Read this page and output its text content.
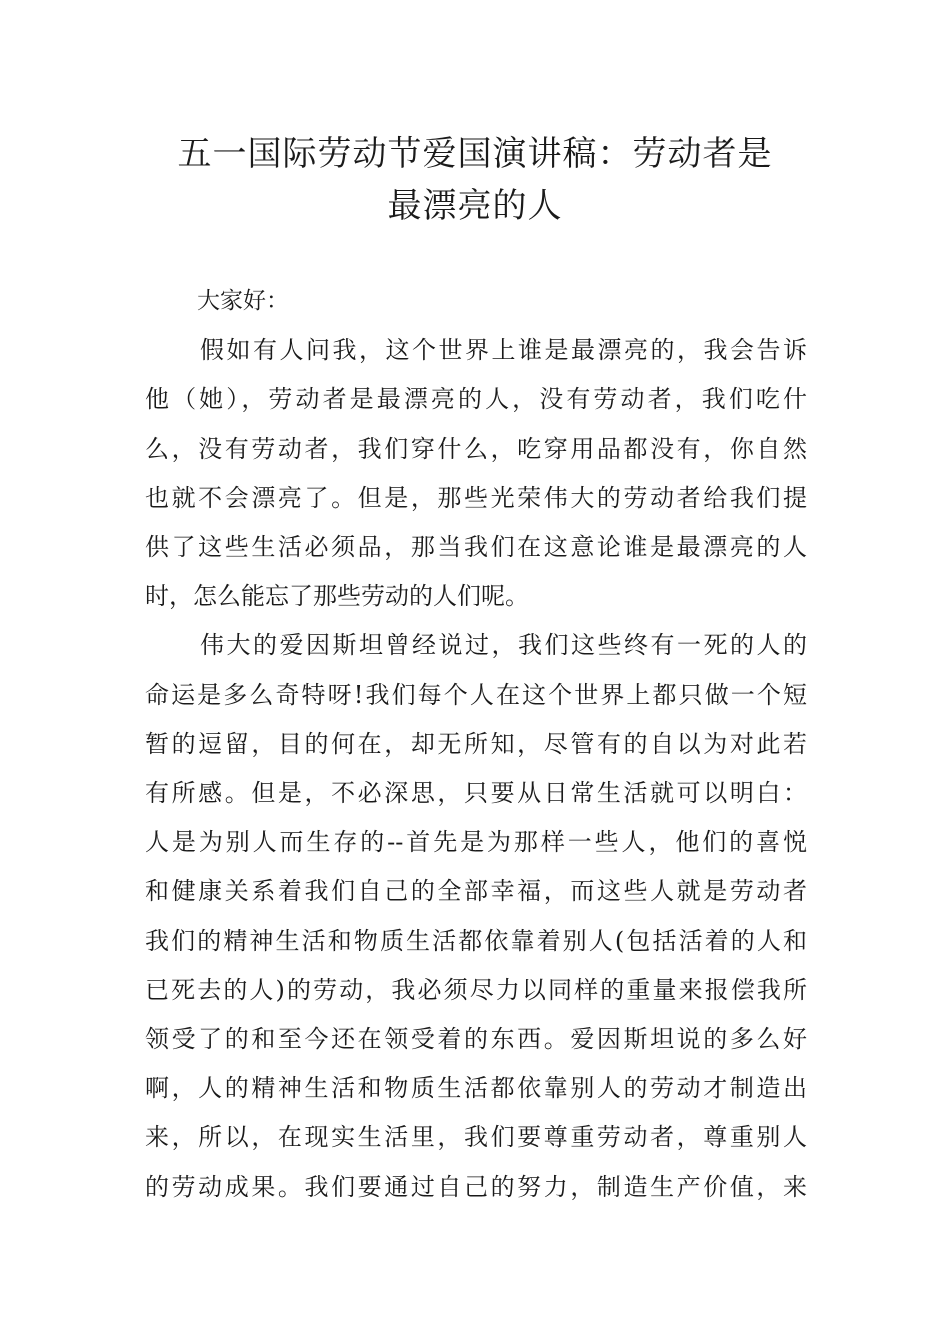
五一国际劳动节爱国演讲稿：劳动者是
最漂亮的人

大家好：

假如有人问我，这个世界上谁是最漂亮的，我会告诉

他（她），劳动者是最漂亮的人，没有劳动者，我们吃什

么，没有劳动者，我们穿什么，吃穿用品都没有，你自然

也就不会漂亮了。但是，那些光荣伟大的劳动者给我们提

供了这些生活必须品，那当我们在这意论谁是最漂亮的人

时，怎么能忘了那些劳动的人们呢。

伟大的爱因斯坦曾经说过，我们这些终有一死的人的

命运是多么奇特呀!我们每个人在这个世界上都只做一个短

暂的逗留，目的何在，却无所知，尽管有的自以为对此若

有所感。但是，不必深思，只要从日常生活就可以明白：

人是为别人而生存的--首先是为那样一些人，他们的喜悦

和健康关系着我们自己的全部幸福，而这些人就是劳动者

我们的精神生活和物质生活都依靠着别人(包括活着的人和

已死去的人)的劳动，我必须尽力以同样的重量来报偿我所

领受了的和至今还在领受着的东西。爱因斯坦说的多么好

啊，人的精神生活和物质生活都依靠别人的劳动才制造出

来，所以，在现实生活里，我们要尊重劳动者，尊重别人

的劳动成果。我们要通过自己的努力，制造生产价值，来
